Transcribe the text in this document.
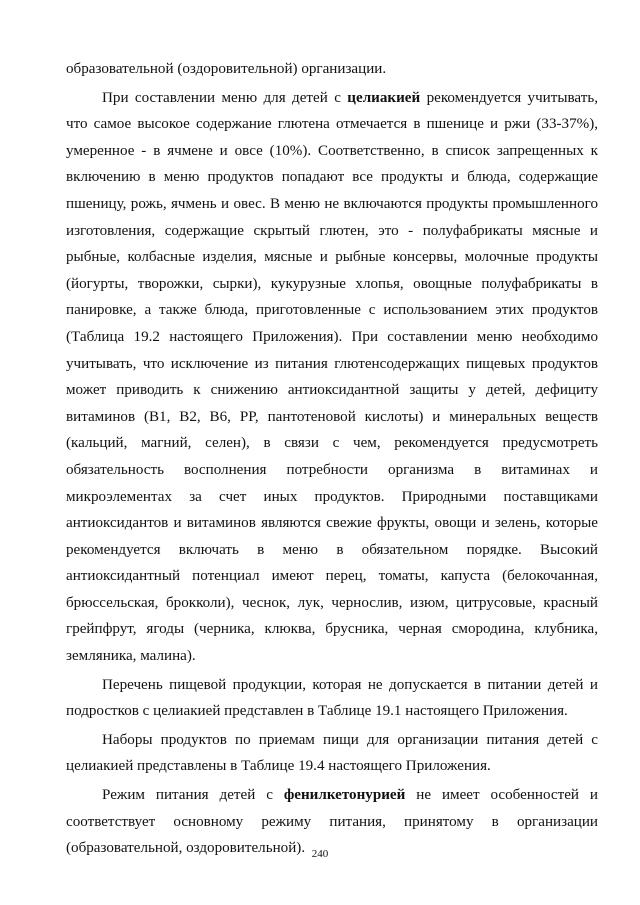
образовательной (оздоровительной) организации.

При составлении меню для детей с целиакией рекомендуется учитывать, что самое высокое содержание глютена отмечается в пшенице и ржи (33-37%), умеренное - в ячмене и овсе (10%). Соответственно, в список запрещенных к включению в меню продуктов попадают все продукты и блюда, содержащие пшеницу, рожь, ячмень и овес. В меню не включаются продукты промышленного изготовления, содержащие скрытый глютен, это - полуфабрикаты мясные и рыбные, колбасные изделия, мясные и рыбные консервы, молочные продукты (йогурты, творожки, сырки), кукурузные хлопья, овощные полуфабрикаты в панировке, а также блюда, приготовленные с использованием этих продуктов (Таблица 19.2 настоящего Приложения). При составлении меню необходимо учитывать, что исключение из питания глютенсодержащих пищевых продуктов может приводить к снижению антиоксидантной защиты у детей, дефициту витаминов (B1, B2, B6, PP, пантотеновой кислоты) и минеральных веществ (кальций, магний, селен), в связи с чем, рекомендуется предусмотреть обязательность восполнения потребности организма в витаминах и микроэлементах за счет иных продуктов. Природными поставщиками антиоксидантов и витаминов являются свежие фрукты, овощи и зелень, которые рекомендуется включать в меню в обязательном порядке. Высокий антиоксидантный потенциал имеют перец, томаты, капуста (белокочанная, брюссельская, брокколи), чеснок, лук, чернослив, изюм, цитрусовые, красный грейпфрут, ягоды (черника, клюква, брусника, черная смородина, клубника, земляника, малина).

Перечень пищевой продукции, которая не допускается в питании детей и подростков с целиакией представлен в Таблице 19.1 настоящего Приложения.

Наборы продуктов по приемам пищи для организации питания детей с целиакией представлены в Таблице 19.4 настоящего Приложения.

Режим питания детей с фенилкетонурией не имеет особенностей и соответствует основному режиму питания, принятому в организации (образовательной, оздоровительной). 240
